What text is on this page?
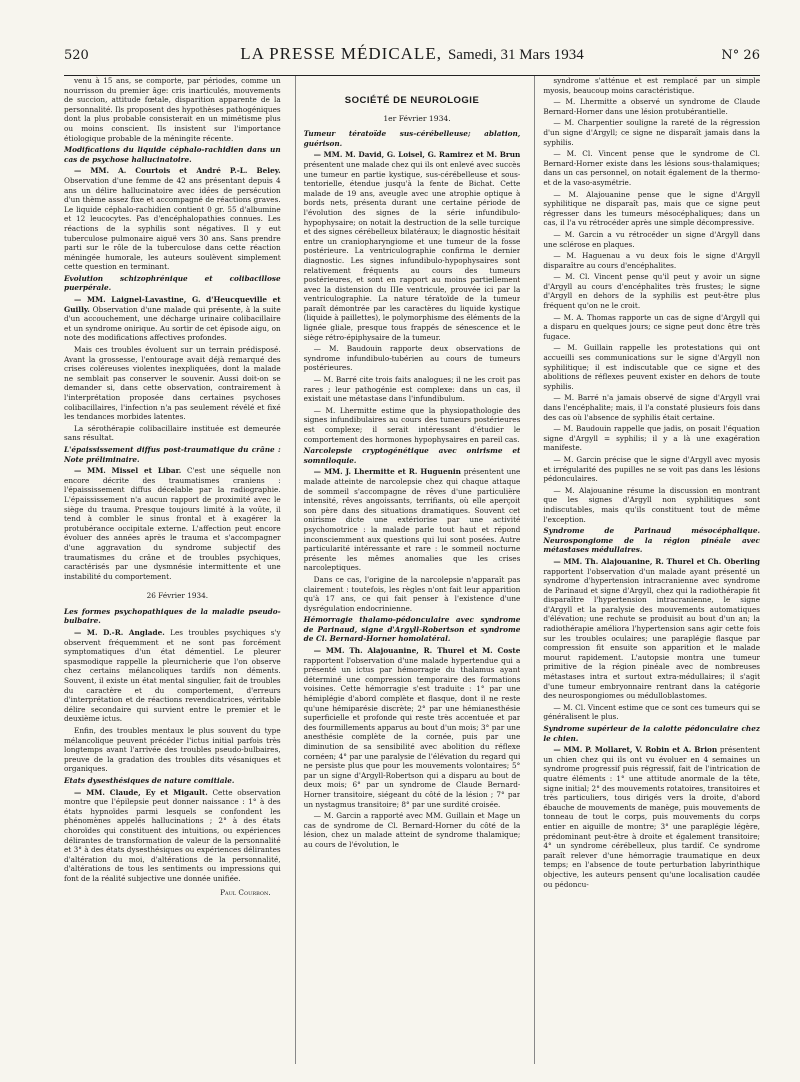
520	LA PRESSE MÉDICALE, Samedi, 31 Mars 1934	N° 26

venu à 15 ans, se comporte, par périodes, comme un nourrisson du premier âge: cris inarticulés, mouvements de succion, attitude fœtale, disparition apparente de la personnalité. Ils proposent des hypothèses pathogéniques dont la plus probable consisterait en un mimétisme plus ou moins conscient. Ils insistent sur l'importance étiologique probable de la méningite récente.

Modifications du liquide céphalo-rachidien dans un cas de psychose hallucinatoire.

— MM. A. Courtois et André P.-L. Beley. Observation d'une femme de 42 ans présentant depuis 4 ans un délire hallucinatoire avec idées de persécution d'un thème assez fixe et accompagné de réactions graves. Le liquide céphalo-rachidien contient 0 gr. 55 d'albumine et 12 leucocytes. Pas d'encéphalopathies connues. Les réactions de la syphilis sont négatives. Il y eut tuberculose pulmonaire aiguë vers 30 ans. Sans prendre parti sur le rôle de la tuberculose dans cette réaction méningée humorale, les auteurs soulèvent simplement cette question en terminant.

Evolution schizophrénique et colibacillose puerpérale.

— MM. Laignel-Lavastine, G. d'Heucqueville et Guilly. Observation d'une malade qui présente, à la suite d'un accouchement, une décharge urinaire colibacillaire et un syndrome onirique. Au sortir de cet épisode aigu, on note des modifications affectives profondes.

Mais ces troubles évoluent sur un terrain prédisposé. Avant la grossesse, l'entourage avait déjà remarqué des crises coléreuses violentes inexpliquées, dont la malade ne semblait pas conserver le souvenir. Aussi doit-on se demander si, dans cette observation, contrairement à l'interprétation proposée dans certaines psychoses colibacillaires, l'infection n'a pas seulement révélé et fixé les tendances morbides latentes.

La sérothérapie colibacillaire instituée est demeurée sans résultat.

L'épaississement diffus post-traumatique du crâne : Note préliminaire.

— MM. Missel et Libar. C'est une séquelle non encore décrite des traumatismes craniens : l'épaississement diffus décelable par la radiographie. L'épaississement n'a aucun rapport de proximité avec le siège du trauma. Presque toujours limité à la voûte, il tend à combler le sinus frontal et à exagérer la protubérance occipitale externe. L'affection peut encore évoluer des années après le trauma et s'accompagner d'une aggravation du syndrome subjectif des traumatismes du crâne et de troubles psychiques, caractérisés par une dysmnésie intermittente et une instabilité du comportement.

26 Février 1934.

Les formes psychopathiques de la maladie pseudo-bulbaire.

— M. D.-R. Anglade. Les troubles psychiques s'y observent fréquemment et ne sont pas forcément symptomatiques d'un état démentiel. Le pleurer spasmodique rappelle la pleurnicherie que l'on observe chez certains mélancoliques tardifs non déments. Souvent, il existe un état mental singulier, fait de troubles du caractère et du comportement, d'erreurs d'interprétation et de réactions revendicatrices, véritable délire secondaire qui survient entre le premier et le deuxième ictus.

Enfin, des troubles mentaux le plus souvent du type mélancolique peuvent précéder l'ictus initial parfois très longtemps avant l'arrivée des troubles pseudo-bulbaires, preuve de la gradation des troubles dits vésaniques et organiques.

Etats dysesthésiques de nature comitiale.

— MM. Claude, Ey et Migault. Cette observation montre que l'épilepsie peut donner naissance : 1° à des états hypnoïdes parmi lesquels se confondent les phénomènes appelés hallucinations ; 2° à des états choroïdes qui constituent des intuitions, ou expériences délirantes de transformation de valeur de la personnalité et 3° à des états dysesthésiques ou expériences délirantes d'altération du moi, d'altérations de la personnalité, d'altérations de tous les sentiments ou impressions qui font de la réalité subjective une donnée unifiée.

Paul Courbon.

SOCIÉTÉ DE NEUROLOGIE

1er Février 1934.

Tumeur tératoïde sus-cérébelleuse; ablation, guérison.

— MM. M. David, G. Loisel, G. Ramirez et M. Brun présentent une malade chez qui ils ont enlevé avec succès une tumeur en partie kystique, sus-cérébelleuse et sous-tentorielle, étendue jusqu'à la fente de Bichat. Cette malade de 19 ans, aveugle avec une atrophie optique à bords nets, présenta durant une certaine période de l'évolution des signes de la série infundibulo-hypophysaire; on notait la destruction de la selle turcique et des signes cérébelleux bilatéraux; le diagnostic hésitait entre un craniopharyngiome et une tumeur de la fosse postérieure. La ventriculographie confirma le dernier diagnostic. Les signes infundibulo-hypophysaires sont relativement fréquents au cours des tumeurs postérieures, et sont en rapport au moins partiellement avec la distension du IIIe ventricule, prouvée ici par la ventriculographie. La nature tératoïde de la tumeur paraît démontrée par les caractères du liquide kystique (liquide à paillettes), le polymorphisme des éléments de la lignée gliale, presque tous frappés de sénescence et le siège rétro-épiphysaire de la tumeur.

— M. Baudouin rapporte deux observations de syndrome infundibulo-tubérien au cours de tumeurs postérieures.

— M. Barré cite trois faits analogues; il ne les croit pas rares ; leur pathogénie est complexe: dans un cas, il existait une métastase dans l'infundibulum.

— M. Lhermitte estime que la physiopathologie des signes infundibulaires au cours des tumeurs postérieures est complexe; il serait intéressant d'étudier le comportement des hormones hypophysaires en pareil cas.

Narcolepsie cryptogénétique avec onirisme et somniloquie.

— MM. J. Lhermitte et R. Huguenin présentent une malade atteinte de narcolepsie chez qui chaque attaque de sommeil s'accompagne de rêves d'une particulière intensité, rêves angoissants, terrifiants, où elle aperçoit son père dans des situations dramatiques. Souvent cet onirisme dicte une extériorise par une activité psychomotrice : la malade parle tout haut et répond inconsciemment aux questions qui lui sont posées. Autre particularité intéressante et rare : le sommeil nocturne présente les mêmes anomalies que les crises narcoleptiques.

Dans ce cas, l'origine de la narcolepsie n'apparaît pas clairement : toutefois, les règles n'ont fait leur apparition qu'à 17 ans, ce qui fait penser à l'existence d'une dysrégulation endocrinienne.

Hémorragie thalamo-pédonculaire avec syndrome de Parinaud, signe d'Argyll-Robertson et syndrome de Cl. Bernard-Horner homolatéral.

— MM. Th. Alajouanine, R. Thurel et M. Coste rapportent l'observation d'une malade hypertendue qui a présenté un ictus par hémorragie du thalamus ayant déterminé une compression temporaire des formations voisines. Cette hémorragie s'est traduite : 1° par une hémiplégie d'abord complète et flasque, dont il ne reste qu'une hémiparésie discrète; 2° par une hémianesthésie superficielle et profonde qui reste très accentuée et par des fourmillements apparus au bout d'un mois; 3° par une anesthésie complète de la cornée, puis par une diminution de sa sensibilité avec abolition du réflexe cornéen; 4° par une paralysie de l'élévation du regard qui ne persiste plus que pour les mouvements volontaires; 5° par un signe d'Argyll-Robertson qui a disparu au bout de deux mois; 6° par un syndrome de Claude Bernard-Horner transitoire, siégeant du côté de la lésion ; 7° par un nystagmus transitoire; 8° par une surdité croisée.

— M. Garcin a rapporté avec MM. Guillain et Mage un cas de syndrome de Cl. Bernard-Horner du côté de la lésion, chez un malade atteint de syndrome thalamique; au cours de l'évolution, le

syndrome s'atténue et est remplacé par un simple myosis, beaucoup moins caractéristique.

— M. Lhermitte a observé un syndrome de Claude Bernard-Horner dans une lésion protubérantielle.

— M. Charpentier souligne la rareté de la régression d'un signe d'Argyll; ce signe ne disparaît jamais dans la syphilis.

— M. Cl. Vincent pense que le syndrome de Cl. Bernard-Horner existe dans les lésions sous-thalamiques; dans un cas personnel, on notait également de la thermo- et de la vaso-asymétrie.

— M. Alajouanine pense que le signe d'Argyll syphilitique ne disparaît pas, mais que ce signe peut régresser dans les tumeurs mésocéphaliques; dans un cas, il l'a vu rétrocéder après une simple décompressive.

— M. Garcin a vu rétrocéder un signe d'Argyll dans une sclérose en plaques.

— M. Haguenau a vu deux fois le signe d'Argyll disparaître au cours d'encéphalites.

— M. Cl. Vincent pense qu'il peut y avoir un signe d'Argyll au cours d'encéphalites très frustes; le signe d'Argyll en dehors de la syphilis est peut-être plus fréquent qu'on ne le croit.

— M. A. Thomas rapporte un cas de signe d'Argyll qui a disparu en quelques jours; ce signe peut donc être très fugace.

— M. Guillain rappelle les protestations qui ont accueilli ses communications sur le signe d'Argyll non syphilitique; il est indiscutable que ce signe et des abolitions de réflexes peuvent exister en dehors de toute syphilis.

— M. Barré n'a jamais observé de signe d'Argyll vrai dans l'encéphalite; mais, il l'a constaté plusieurs fois dans des cas où l'absence de syphilis était certaine.

— M. Baudouin rappelle que jadis, on posait l'équation signe d'Argyll = syphilis; il y a là une exagération manifeste.

— M. Garcin précise que le signe d'Argyll avec myosis et irrégularité des pupilles ne se voit pas dans les lésions pédonculaires.

— M. Alajouanine résume la discussion en montrant que les signes d'Argyll non syphilitiques sont indiscutables, mais qu'ils constituent tout de même l'exception.

Syndrome de Parinaud mésocéphalique. Neurospongiome de la région pinéale avec métastases médullaires.

— MM. Th. Alajouanine, R. Thurel et Ch. Oberling rapportent l'observation d'un malade ayant présenté un syndrome d'hypertension intracranienne avec syndrome de Parinaud et signe d'Argyll, chez qui la radiothérapie fit disparaître l'hypertension intracranienne, le signe d'Argyll et la paralysie des mouvements automatiques d'élévation; une rechute se produisit au bout d'un an; la radiothérapie améliora l'hypertension sans agir cette fois sur les troubles oculaires; une paraplégie flasque par compression fit ensuite son apparition et le malade mourut rapidement. L'autopsie montra une tumeur primitive de la région pinéale avec de nombreuses métastases intra et surtout extra-médullaires; il s'agit d'une tumeur embryonnaire rentrant dans la catégorie des neurospongiomes ou médulloblastomes.

— M. Cl. Vincent estime que ce sont ces tumeurs qui se généralisent le plus.

Syndrome supérieur de la calotte pédonculaire chez le chien.

— MM. P. Mollaret, V. Robin et A. Brion présentent un chien chez qui ils ont vu évoluer en 4 semaines un syndrome progressif puis régressif, fait de l'intrication de quatre éléments : 1° une attitude anormale de la tête, signe initial; 2° des mouvements rotatoires, transitoires et très particuliers, tous dirigés vers la droite, d'abord ébauche de mouvements de manège, puis mouvements de tonneau de tout le corps, puis mouvements du corps entier en aiguille de montre; 3° une paraplégie légère, prédominant peut-être à droite et également transitoire; 4° un syndrome cérébelleux, plus tardif. Ce syndrome paraît relever d'une hémorragie traumatique en deux temps; en l'absence de toute perturbation labyrinthique objective, les auteurs pensent qu'une localisation caudée ou pédoncu-
